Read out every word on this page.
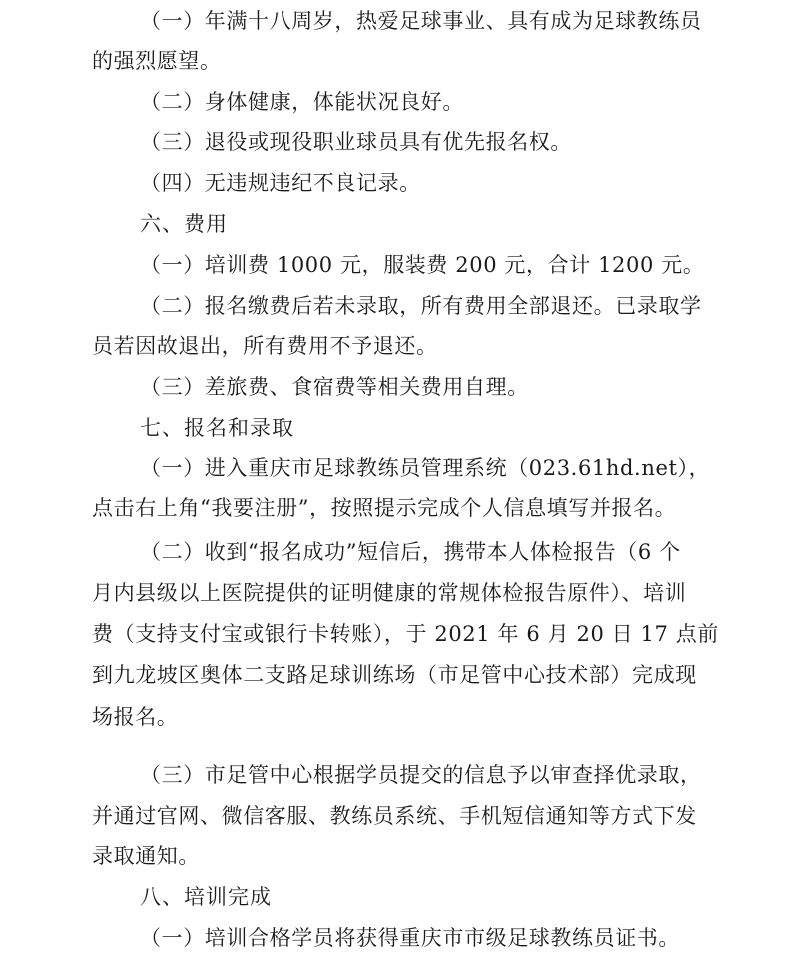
（一）年满十八周岁，热爱足球事业、具有成为足球教练员
的强烈愿望。
（二）身体健康，体能状况良好。
（三）退役或现役职业球员具有优先报名权。
（四）无违规违纪不良记录。
六、费用
（一）培训费 1000 元，服装费 200 元，合计 1200 元。
（二）报名缴费后若未录取，所有费用全部退还。已录取学
员若因故退出，所有费用不予退还。
（三）差旅费、食宿费等相关费用自理。
七、报名和录取
（一）进入重庆市足球教练员管理系统（023.61hd.net），
点击右上角“我要注册”，按照提示完成个人信息填写并报名。
（二）收到“报名成功”短信后，携带本人体检报告（6 个
月内县级以上医院提供的证明健康的常规体检报告原件）、培训
费（支持支付宝或银行卡转账），于 2021 年 6 月 20 日 17 点前
到九龙坡区奥体二支路足球训练场（市足管中心技术部）完成现
场报名。
（三）市足管中心根据学员提交的信息予以审查择优录取，
并通过官网、微信客服、教练员系统、手机短信通知等方式下发
录取通知。
八、培训完成
（一）培训合格学员将获得重庆市市级足球教练员证书。
